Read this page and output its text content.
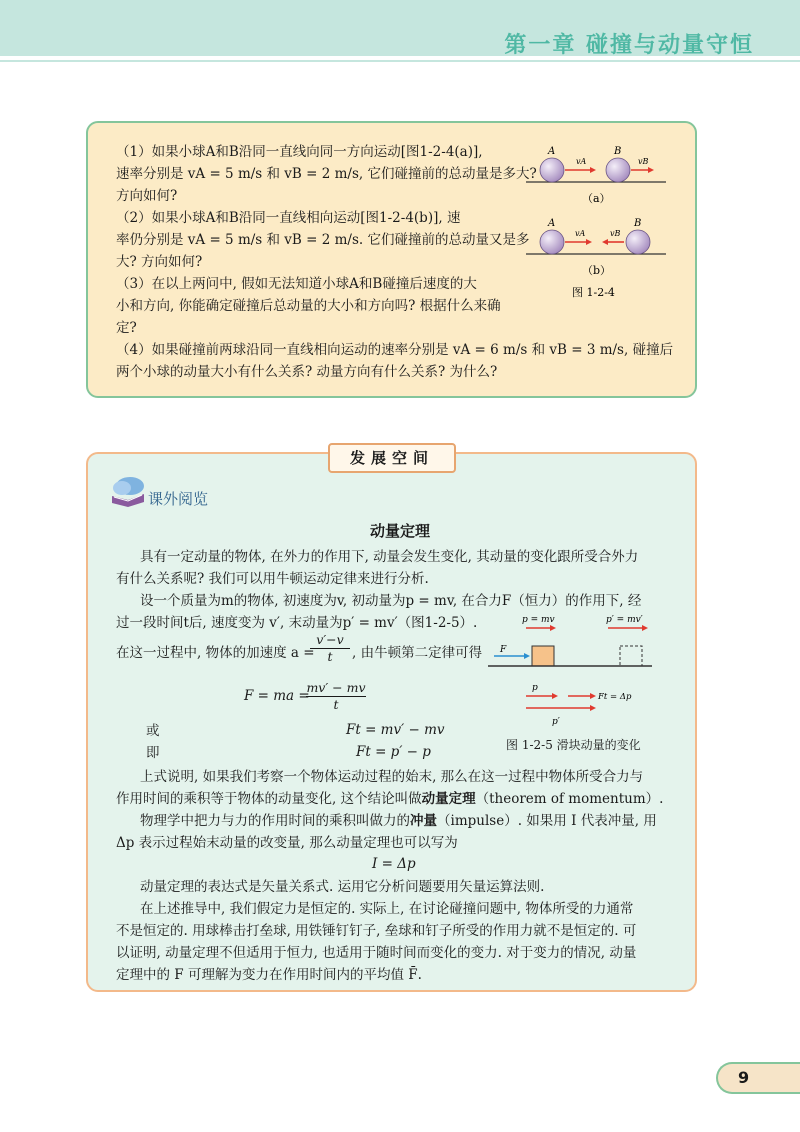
第一章 碰撞与动量守恒

（1）如果小球A和B沿同一直线向同一方向运动[图1-2-4(a)],

速率分别是 vA = 5 m/s 和 vB = 2 m/s, 它们碰撞前的总动量是多大?

方向如何?

（2）如果小球A和B沿同一直线相向运动[图1-2-4(b)], 速

率仍分别是 vA = 5 m/s 和 vB = 2 m/s. 它们碰撞前的总动量又是多

大? 方向如何?

（3）在以上两问中, 假如无法知道小球A和B碰撞后速度的大

小和方向, 你能确定碰撞后总动量的大小和方向吗? 根据什么来确

定?

（4）如果碰撞前两球沿同一直线相向运动的速率分别是 vA = 6 m/s 和 vB = 3 m/s, 碰撞后

两个小球的动量大小有什么关系? 动量方向有什么关系? 为什么?

A	B
vA	vB
（a）
A	B
vA	vB
（b）
图 1-2-4
发展空间
课外阅览
动量定理

具有一定动量的物体, 在外力的作用下, 动量会发生变化, 其动量的变化跟所受合外力

有什么关系呢? 我们可以用牛顿运动定律来进行分析.

设一个质量为m的物体, 初速度为v, 初动量为p = mv, 在合力F（恒力）的作用下, 经

过一段时间t后, 速度变为 v′, 末动量为p′ = mv′（图1-2-5）.

在这一过程中, 物体的加速度 a =

$\frac{v'-v}{t}$ , 由牛顿第二定律可得

F = ma =
$\frac{mv' - mv}{t}$

或	Ft = mv′ − mv

即	Ft = p′ − p
p = mv	p′ = mv′
F
p
Ft = Δp
p′
图 1-2-5 滑块动量的变化

上式说明, 如果我们考察一个物体运动过程的始末, 那么在这一过程中物体所受合力与

作用时间的乘积等于物体的动量变化, 这个结论叫做动量定理（theorem of momentum）.

物理学中把力与力的作用时间的乘积叫做力的冲量（impulse）. 如果用 I 代表冲量, 用

Δp 表示过程始末动量的改变量, 那么动量定理也可以写为

I = Δp

动量定理的表达式是矢量关系式. 运用它分析问题要用矢量运算法则.

在上述推导中, 我们假定力是恒定的. 实际上, 在讨论碰撞问题中, 物体所受的力通常

不是恒定的. 用球棒击打垒球, 用铁锤钉钉子, 垒球和钉子所受的作用力就不是恒定的. 可

以证明, 动量定理不但适用于恒力, 也适用于随时间而变化的变力. 对于变力的情况, 动量

定理中的 F 可理解为变力在作用时间内的平均值 F̄.

9
